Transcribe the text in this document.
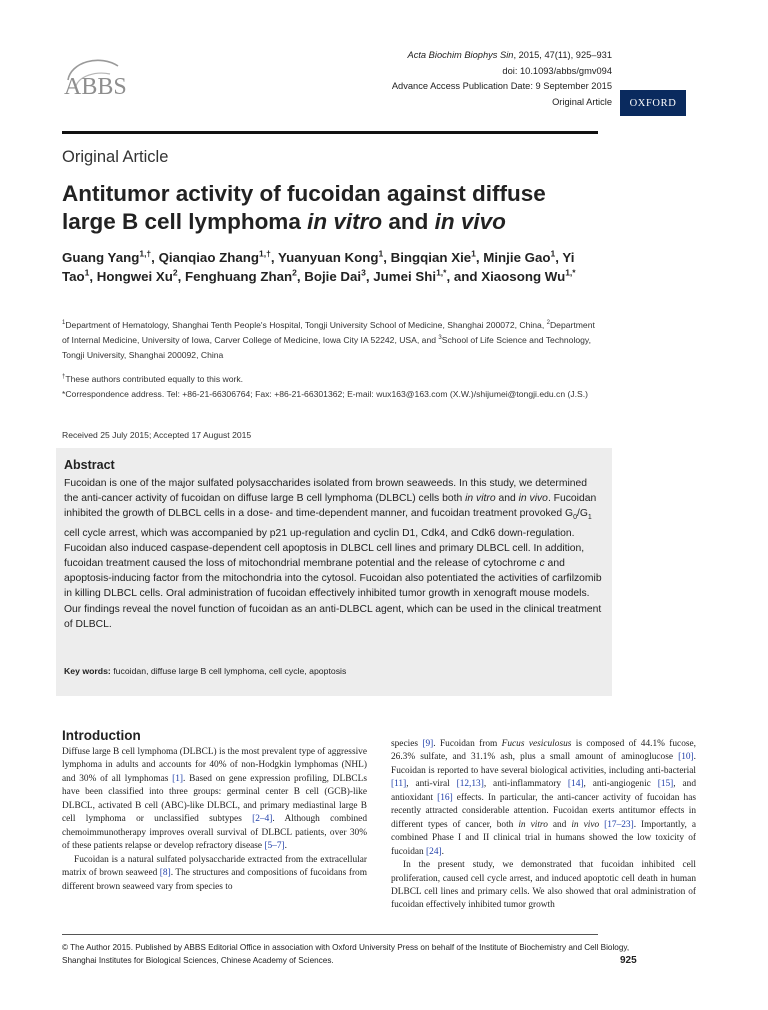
ABBS
Acta Biochim Biophys Sin, 2015, 47(11), 925–931
doi: 10.1093/abbs/gmv094
Advance Access Publication Date: 9 September 2015
Original Article	OXFORD
Original Article
Antitumor activity of fucoidan against diffuse large B cell lymphoma in vitro and in vivo
Guang Yang$^{1,\dagger}$, Qianqiao Zhang$^{1,\dagger}$, Yuanyuan Kong$^1$, Bingqian Xie$^1$, Minjie Gao$^1$, Yi Tao$^1$, Hongwei Xu$^2$, Fenghuang Zhan$^2$, Bojie Dai$^3$, Jumei Shi$^{1,*}$, and Xiaosong $Wu^{1,*}$
$^1$Department of Hematology, Shanghai Tenth People's Hospital, Tongji University School of Medicine, Shanghai 200072, China, $^2$Department of Internal Medicine, University of Iowa, Carver College of Medicine, Iowa City IA 52242, USA, and $^3$School of Life Science and Technology, Tongji University, Shanghai 200092, China
†These authors contributed equally to this work.
*Correspondence address. Tel: +86-21-66306764; Fax: +86-21-66301362; E-mail: wux163@163.com (X.W.)/shijumei@tongji.edu.cn (J.S.)
Received 25 July 2015; Accepted 17 August 2015
Abstract
Fucoidan is one of the major sulfated polysaccharides isolated from brown seaweeds. In this study, we determined the anti-cancer activity of fucoidan on diffuse large B cell lymphoma (DLBCL) cells both in vitro and in vivo. Fucoidan inhibited the growth of DLBCL cells in a dose- and time-dependent manner, and fucoidan treatment provoked $G_0/G_1$ cell cycle arrest, which was accompanied by p21 up-regulation and cyclin D1, Cdk4, and Cdk6 down-regulation. Fucoidan also induced caspase-dependent cell apoptosis in DLBCL cell lines and primary DLBCL cell. In addition, fucoidan treatment caused the loss of mitochondrial membrane potential and the release of cytochrome c and apoptosis-inducing factor from the mitochondria into the cytosol. Fucoidan also potentiated the activities of carfilzomib in killing DLBCL cells. Oral administration of fucoidan effectively inhibited tumor growth in xenograft mouse models. Our findings reveal the novel function of fucoidan as an anti-DLBCL agent, which can be used in the clinical treatment of DLBCL.
Key words: fucoidan, diffuse large B cell lymphoma, cell cycle, apoptosis
Introduction

Diffuse large B cell lymphoma (DLBCL) is the most prevalent type of aggressive lymphoma in adults and accounts for 40% of non-Hodgkin lymphomas (NHL) and 30% of all lymphomas [1]. Based on gene expression profiling, DLBCLs have been classified into three groups: germinal center B cell (GCB)-like DLBCL, activated B cell (ABC)-like DLBCL, and primary mediastinal large B cell lymphoma or unclassified subtypes [2–4]. Although combined chemoimmunotherapy improves overall survival of DLBCL patients, over 30% of these patients relapse or develop refractory disease [5–7].

Fucoidan is a natural sulfated polysaccharide extracted from the extracellular matrix of brown seaweed [8]. The structures and compositions of fucoidans from different brown seaweed vary from species to

species [9]. Fucoidan from Fucus vesiculosus is composed of 44.1% fucose, 26.3% sulfate, and 31.1% ash, plus a small amount of aminoglucose [10]. Fucoidan is reported to have several biological activities, including anti-bacterial [11], anti-viral [12,13], anti-inflammatory [14], anti-angiogenic [15], and antioxidant [16] effects. In particular, the anti-cancer activity of fucoidan has recently attracted considerable attention. Fucoidan exerts antitumor effects in different types of cancer, both in vitro and in vivo [17–23]. Importantly, a combined Phase I and II clinical trial in humans showed the low toxicity of fucoidan [24].

In the present study, we demonstrated that fucoidan inhibited cell proliferation, caused cell cycle arrest, and induced apoptotic cell death in human DLBCL cell lines and primary cells. We also showed that oral administration of fucoidan effectively inhibited tumor growth

© The Author 2015. Published by ABBS Editorial Office in association with Oxford University Press on behalf of the Institute of Biochemistry and Cell Biology, Shanghai Institutes for Biological Sciences, Chinese Academy of Sciences.	925
